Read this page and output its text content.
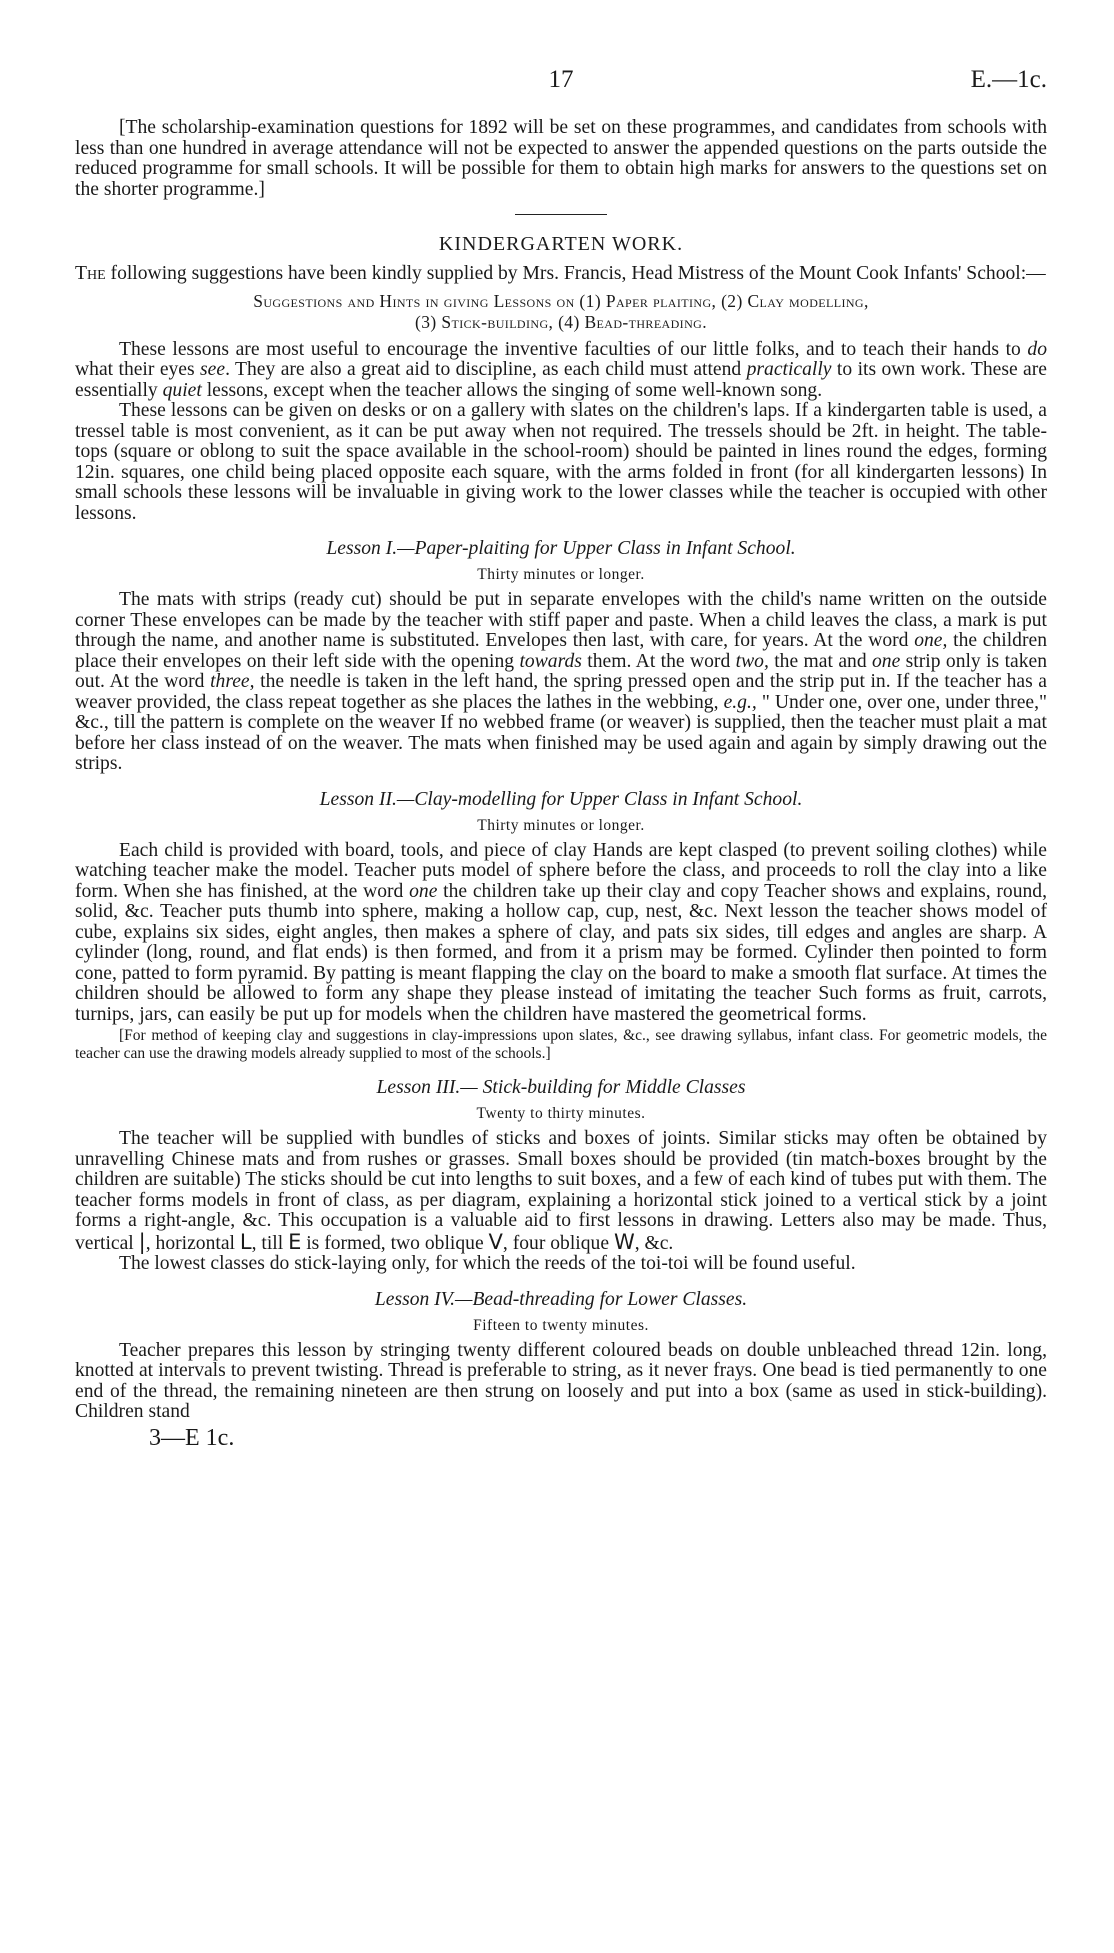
17	E.—1c.

[The scholarship-examination questions for 1892 will be set on these programmes, and candidates from schools with less than one hundred in average attendance will not be expected to answer the appended questions on the parts outside the reduced programme for small schools. It will be possible for them to obtain high marks for answers to the questions set on the shorter programme.]

KINDERGARTEN WORK.

The following suggestions have been kindly supplied by Mrs. Francis, Head Mistress of the Mount Cook Infants' School:—

Suggestions and Hints in giving Lessons on (1) Paper plaiting, (2) Clay modelling,
(3) Stick-building, (4) Bead-threading.

These lessons are most useful to encourage the inventive faculties of our little folks, and to teach their hands to do what their eyes see. They are also a great aid to discipline, as each child must attend practically to its own work. These are essentially quiet lessons, except when the teacher allows the singing of some well-known song.

These lessons can be given on desks or on a gallery with slates on the children's laps. If a kindergarten table is used, a tressel table is most convenient, as it can be put away when not required. The tressels should be 2ft. in height. The table-tops (square or oblong to suit the space available in the school-room) should be painted in lines round the edges, forming 12in. squares, one child being placed opposite each square, with the arms folded in front (for all kindergarten lessons) In small schools these lessons will be invaluable in giving work to the lower classes while the teacher is occupied with other lessons.

Lesson I.—Paper-plaiting for Upper Class in Infant School.
Thirty minutes or longer.

The mats with strips (ready cut) should be put in separate envelopes with the child's name written on the outside corner These envelopes can be made by the teacher with stiff paper and paste. When a child leaves the class, a mark is put through the name, and another name is substituted. Envelopes then last, with care, for years. At the word one, the children place their envelopes on their left side with the opening towards them. At the word two, the mat and one strip only is taken out. At the word three, the needle is taken in the left hand, the spring pressed open and the strip put in. If the teacher has a weaver provided, the class repeat together as she places the lathes in the webbing, e.g., " Under one, over one, under three," &c., till the pattern is complete on the weaver If no webbed frame (or weaver) is supplied, then the teacher must plait a mat before her class instead of on the weaver. The mats when finished may be used again and again by simply drawing out the strips.

Lesson II.—Clay-modelling for Upper Class in Infant School.
Thirty minutes or longer.

Each child is provided with board, tools, and piece of clay Hands are kept clasped (to prevent soiling clothes) while watching teacher make the model. Teacher puts model of sphere before the class, and proceeds to roll the clay into a like form. When she has finished, at the word one the children take up their clay and copy Teacher shows and explains, round, solid, &c. Teacher puts thumb into sphere, making a hollow cap, cup, nest, &c. Next lesson the teacher shows model of cube, explains six sides, eight angles, then makes a sphere of clay, and pats six sides, till edges and angles are sharp. A cylinder (long, round, and flat ends) is then formed, and from it a prism may be formed. Cylinder then pointed to form cone, patted to form pyramid. By patting is meant flapping the clay on the board to make a smooth flat surface. At times the children should be allowed to form any shape they please instead of imitating the teacher Such forms as fruit, carrots, turnips, jars, can easily be put up for models when the children have mastered the geometrical forms.

[For method of keeping clay and suggestions in clay-impressions upon slates, &c., see drawing syllabus, infant class. For geometric models, the teacher can use the drawing models already supplied to most of the schools.]

Lesson III.— Stick-building for Middle Classes
Twenty to thirty minutes.

The teacher will be supplied with bundles of sticks and boxes of joints. Similar sticks may often be obtained by unravelling Chinese mats and from rushes or grasses. Small boxes should be provided (tin match-boxes brought by the children are suitable) The sticks should be cut into lengths to suit boxes, and a few of each kind of tubes put with them. The teacher forms models in front of class, as per diagram, explaining a horizontal stick joined to a vertical stick by a joint forms a right-angle, &c. This occupation is a valuable aid to first lessons in drawing. Letters also may be made. Thus, vertical |, horizontal L, till E is formed, two oblique V, four oblique W, &c.

The lowest classes do stick-laying only, for which the reeds of the toi-toi will be found useful.

Lesson IV.—Bead-threading for Lower Classes.
Fifteen to twenty minutes.

Teacher prepares this lesson by stringing twenty different coloured beads on double unbleached thread 12in. long, knotted at intervals to prevent twisting. Thread is preferable to string, as it never frays. One bead is tied permanently to one end of the thread, the remaining nineteen are then strung on loosely and put into a box (same as used in stick-building). Children stand

3—E 1c.
